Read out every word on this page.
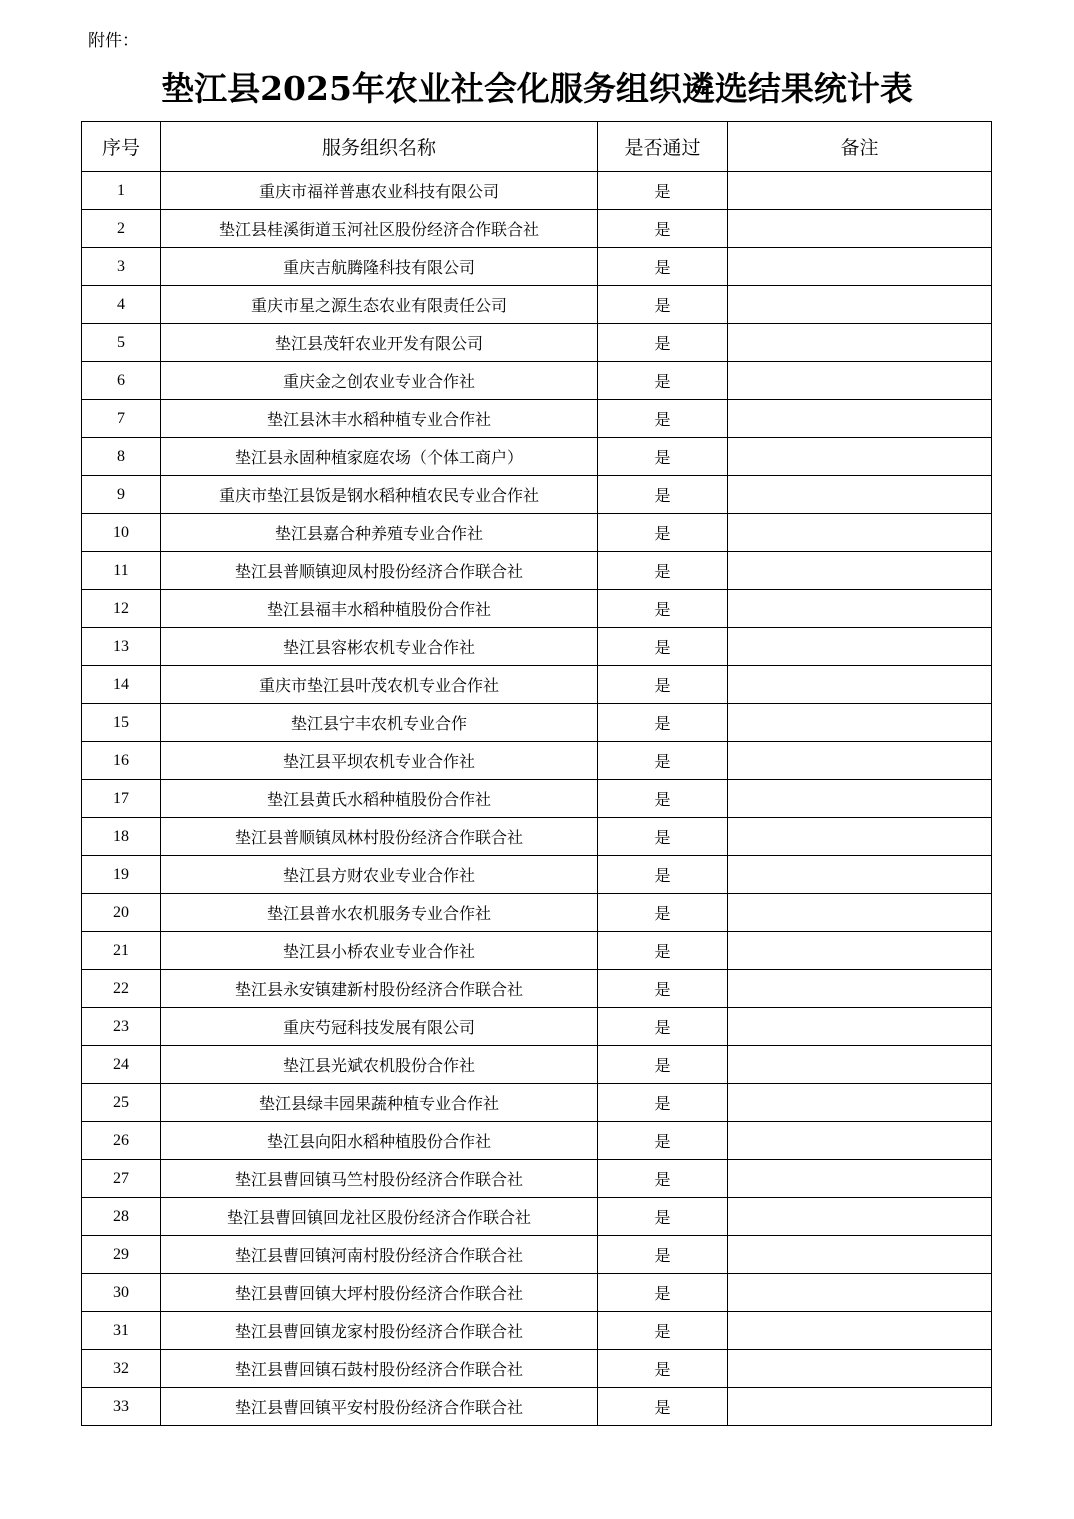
附件：
垫江县2025年农业社会化服务组织遴选结果统计表
序号	服务组织名称	是否通过	备注
1	重庆市福祥普惠农业科技有限公司	是	
2	垫江县桂溪街道玉河社区股份经济合作联合社	是	
3	重庆吉航腾隆科技有限公司	是	
4	重庆市星之源生态农业有限责任公司	是	
5	垫江县茂轩农业开发有限公司	是	
6	重庆金之创农业专业合作社	是	
7	垫江县沐丰水稻种植专业合作社	是	
8	垫江县永固种植家庭农场（个体工商户）	是	
9	重庆市垫江县饭是钢水稻种植农民专业合作社	是	
10	垫江县嘉合种养殖专业合作社	是	
11	垫江县普顺镇迎凤村股份经济合作联合社	是	
12	垫江县福丰水稻种植股份合作社	是	
13	垫江县容彬农机专业合作社	是	
14	重庆市垫江县叶茂农机专业合作社	是	
15	垫江县宁丰农机专业合作	是	
16	垫江县平坝农机专业合作社	是	
17	垫江县黄氏水稻种植股份合作社	是	
18	垫江县普顺镇凤林村股份经济合作联合社	是	
19	垫江县方财农业专业合作社	是	
20	垫江县普水农机服务专业合作社	是	
21	垫江县小桥农业专业合作社	是	
22	垫江县永安镇建新村股份经济合作联合社	是	
23	重庆芍冠科技发展有限公司	是	
24	垫江县光斌农机股份合作社	是	
25	垫江县绿丰园果蔬种植专业合作社	是	
26	垫江县向阳水稻种植股份合作社	是	
27	垫江县曹回镇马竺村股份经济合作联合社	是	
28	垫江县曹回镇回龙社区股份经济合作联合社	是	
29	垫江县曹回镇河南村股份经济合作联合社	是	
30	垫江县曹回镇大坪村股份经济合作联合社	是	
31	垫江县曹回镇龙家村股份经济合作联合社	是	
32	垫江县曹回镇石鼓村股份经济合作联合社	是	
33	垫江县曹回镇平安村股份经济合作联合社	是	
